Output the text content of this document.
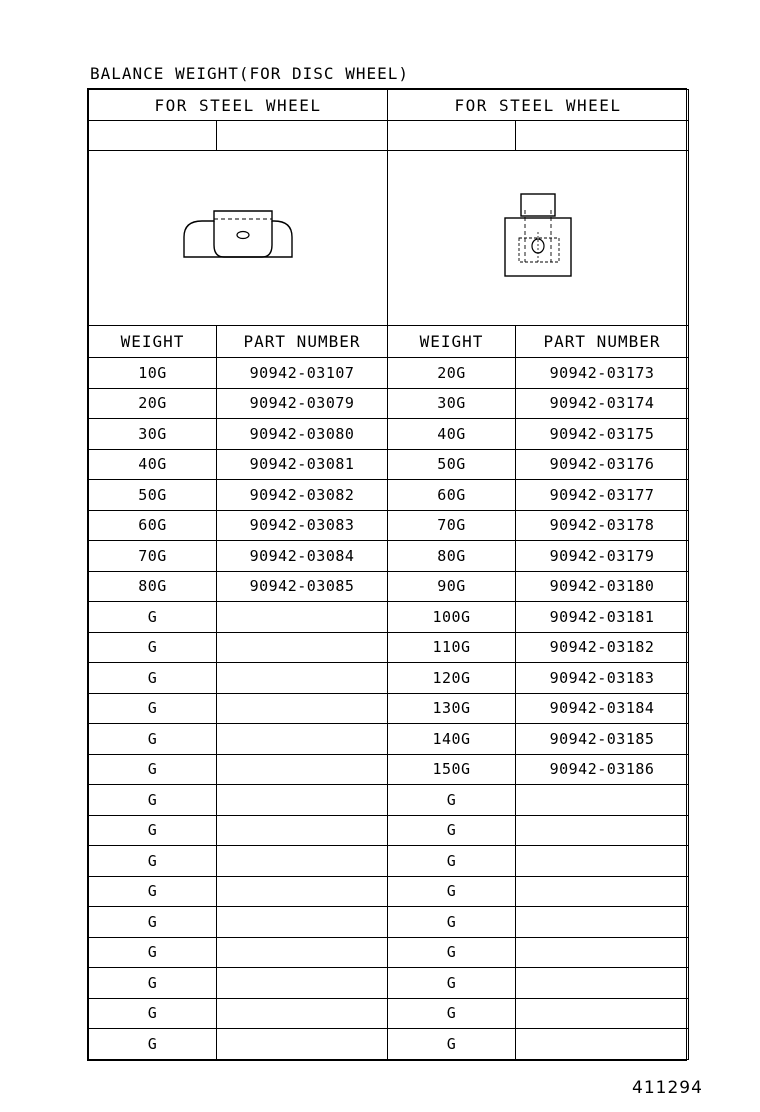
BALANCE WEIGHT(FOR DISC WHEEL)
FOR STEEL WHEEL		FOR STEEL WHEEL	

WEIGHT	PART NUMBER	WEIGHT	PART NUMBER
10G	90942-03107	20G	90942-03173
20G	90942-03079	30G	90942-03174
30G	90942-03080	40G	90942-03175
40G	90942-03081	50G	90942-03176
50G	90942-03082	60G	90942-03177
60G	90942-03083	70G	90942-03178
70G	90942-03084	80G	90942-03179
80G	90942-03085	90G	90942-03180
G		100G	90942-03181
G		110G	90942-03182
G		120G	90942-03183
G		130G	90942-03184
G		140G	90942-03185
G		150G	90942-03186
G		G	
G		G	
G		G	
G		G	
G		G	
G		G	
G		G	
G		G	
G		G	
411294
